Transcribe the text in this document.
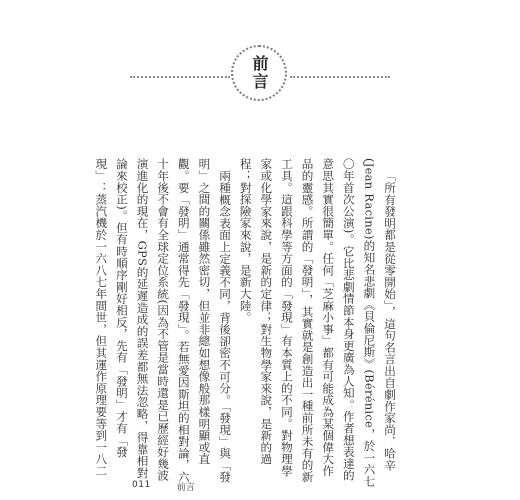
前言

「所有發明都是從零開始」，這句名言出自劇作家尚．哈辛(Jean Racine)的知名悲劇《貝倫尼斯》(Bérénice，於一六七〇年首次公演)。它比悲劇情節本身更廣為人知。作者想表達的意思其實很簡單。任何「芝麻小事」都有可能成為某個偉大作品的靈感。所謂的「發明」，其實就是創造出一種前所未有的新工具。這跟科學等方面的「發現」有本質上的不同。對物理學家或化學家來說，是新的定律；對生物學家來說，是新的過程；對探險家來說，是新大陸。

兩種概念表面上定義不同，背後卻密不可分。「發現」與「發明」之間的關係雖然密切，但並非總如想像般那樣明顯或直觀。要「發明」通常得先「發現」。若無愛因斯坦的相對論，六十年後不會有全球定位系統(因為不管是當時還是已歷經好幾波演進化的現在，GPS的延遲造成的誤差都無法忽略，得靠相對論來校正)。但有時順序剛好相反，先有「發明」才有「發現」：蒸汽機於一六八七年間世，但其運作原理要等到一八二

011	前言
